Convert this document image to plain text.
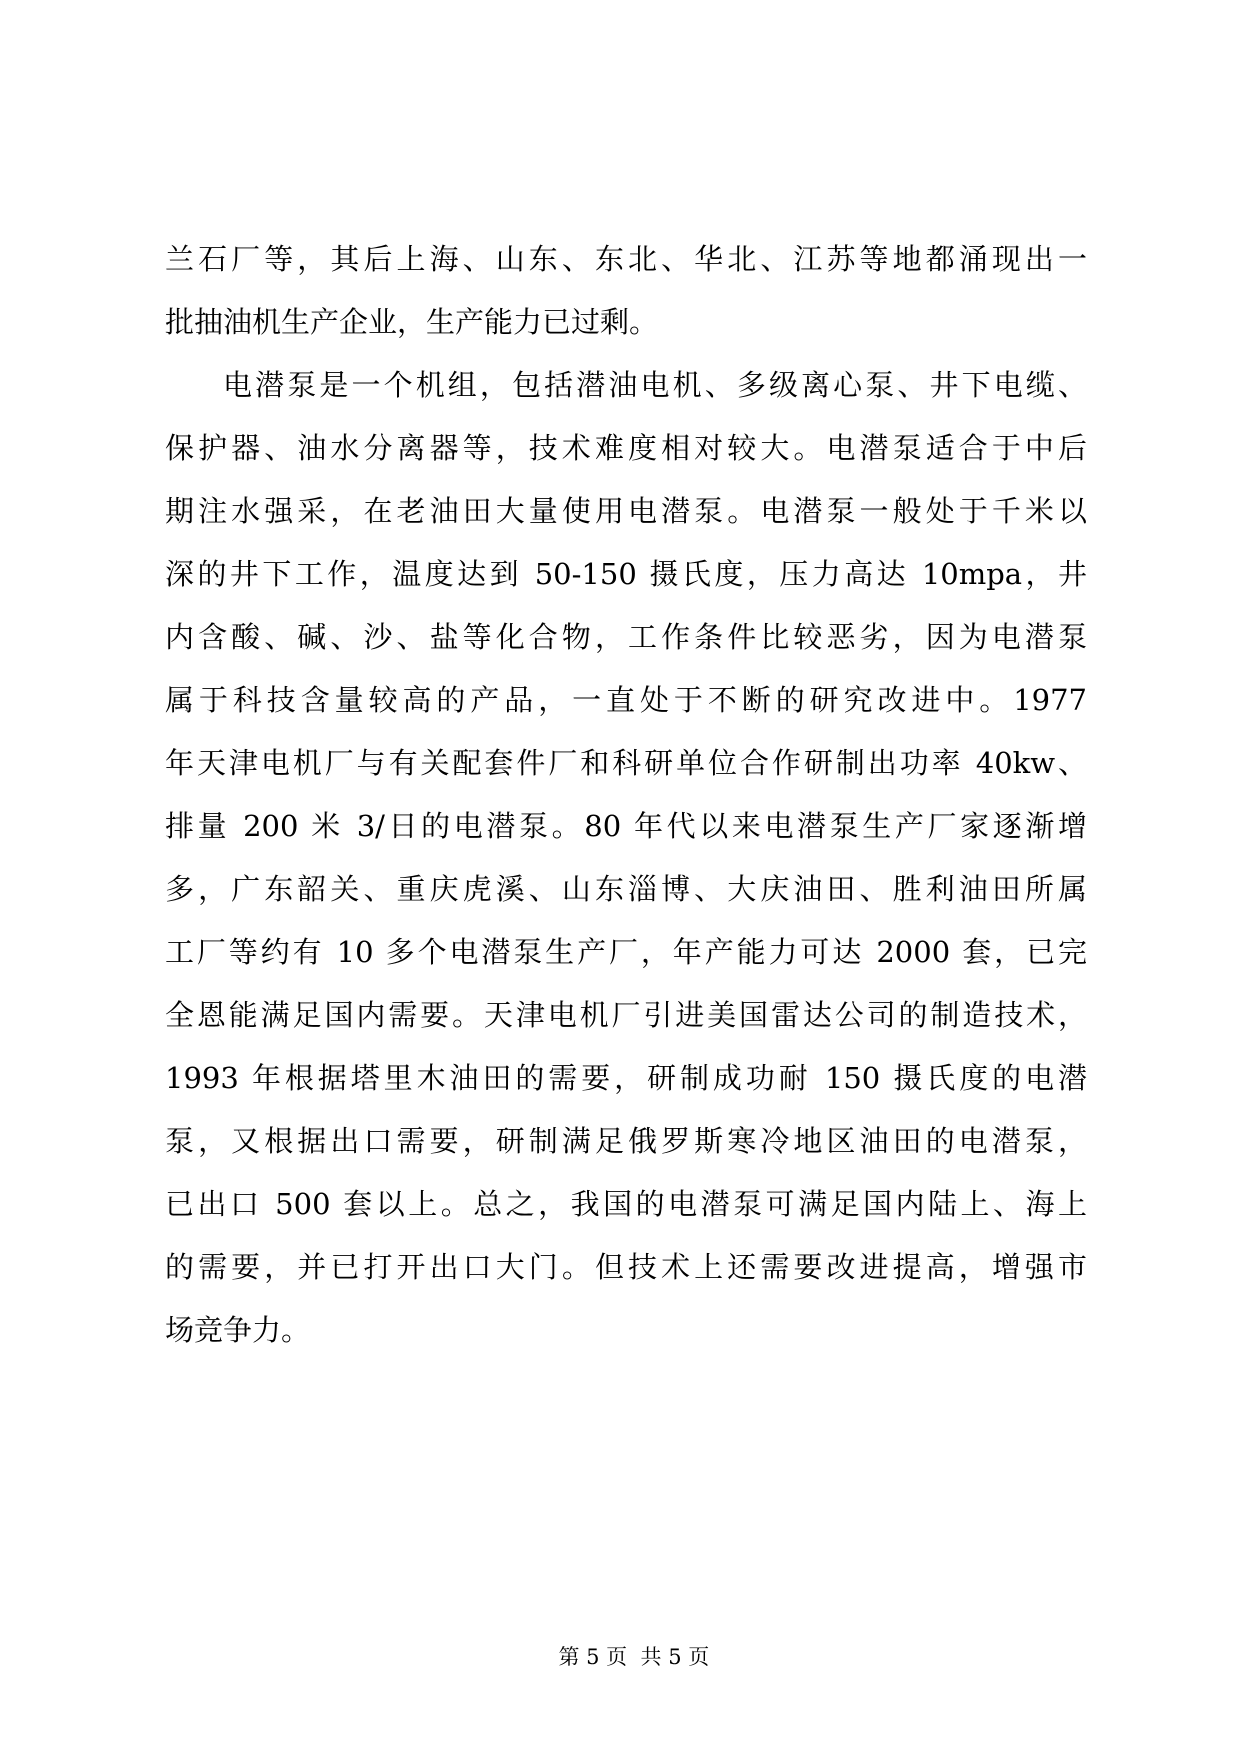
兰石厂等，其后上海、山东、东北、华北、江苏等地都涌现出一
批抽油机生产企业，生产能力已过剩。
电潜泵是一个机组，包括潜油电机、多级离心泵、井下电缆、
保护器、油水分离器等，技术难度相对较大。电潜泵适合于中后
期注水强采，在老油田大量使用电潜泵。电潜泵一般处于千米以
深的井下工作，温度达到 50-150 摄氏度，压力高达 10mpa，井
内含酸、碱、沙、盐等化合物，工作条件比较恶劣，因为电潜泵
属于科技含量较高的产品，一直处于不断的研究改进中。1977
年天津电机厂与有关配套件厂和科研单位合作研制出功率 40kw、
排量 200 米 3/日的电潜泵。80 年代以来电潜泵生产厂家逐渐增
多，广东韶关、重庆虎溪、山东淄博、大庆油田、胜利油田所属
工厂等约有 10 多个电潜泵生产厂，年产能力可达 2000 套，已完
全恩能满足国内需要。天津电机厂引进美国雷达公司的制造技术，
1993 年根据塔里木油田的需要，研制成功耐 150 摄氏度的电潜
泵，又根据出口需要，研制满足俄罗斯寒冷地区油田的电潜泵，
已出口 500 套以上。总之，我国的电潜泵可满足国内陆上、海上
的需要，并已打开出口大门。但技术上还需要改进提高，增强市
场竞争力。

第 5 页  共 5 页
